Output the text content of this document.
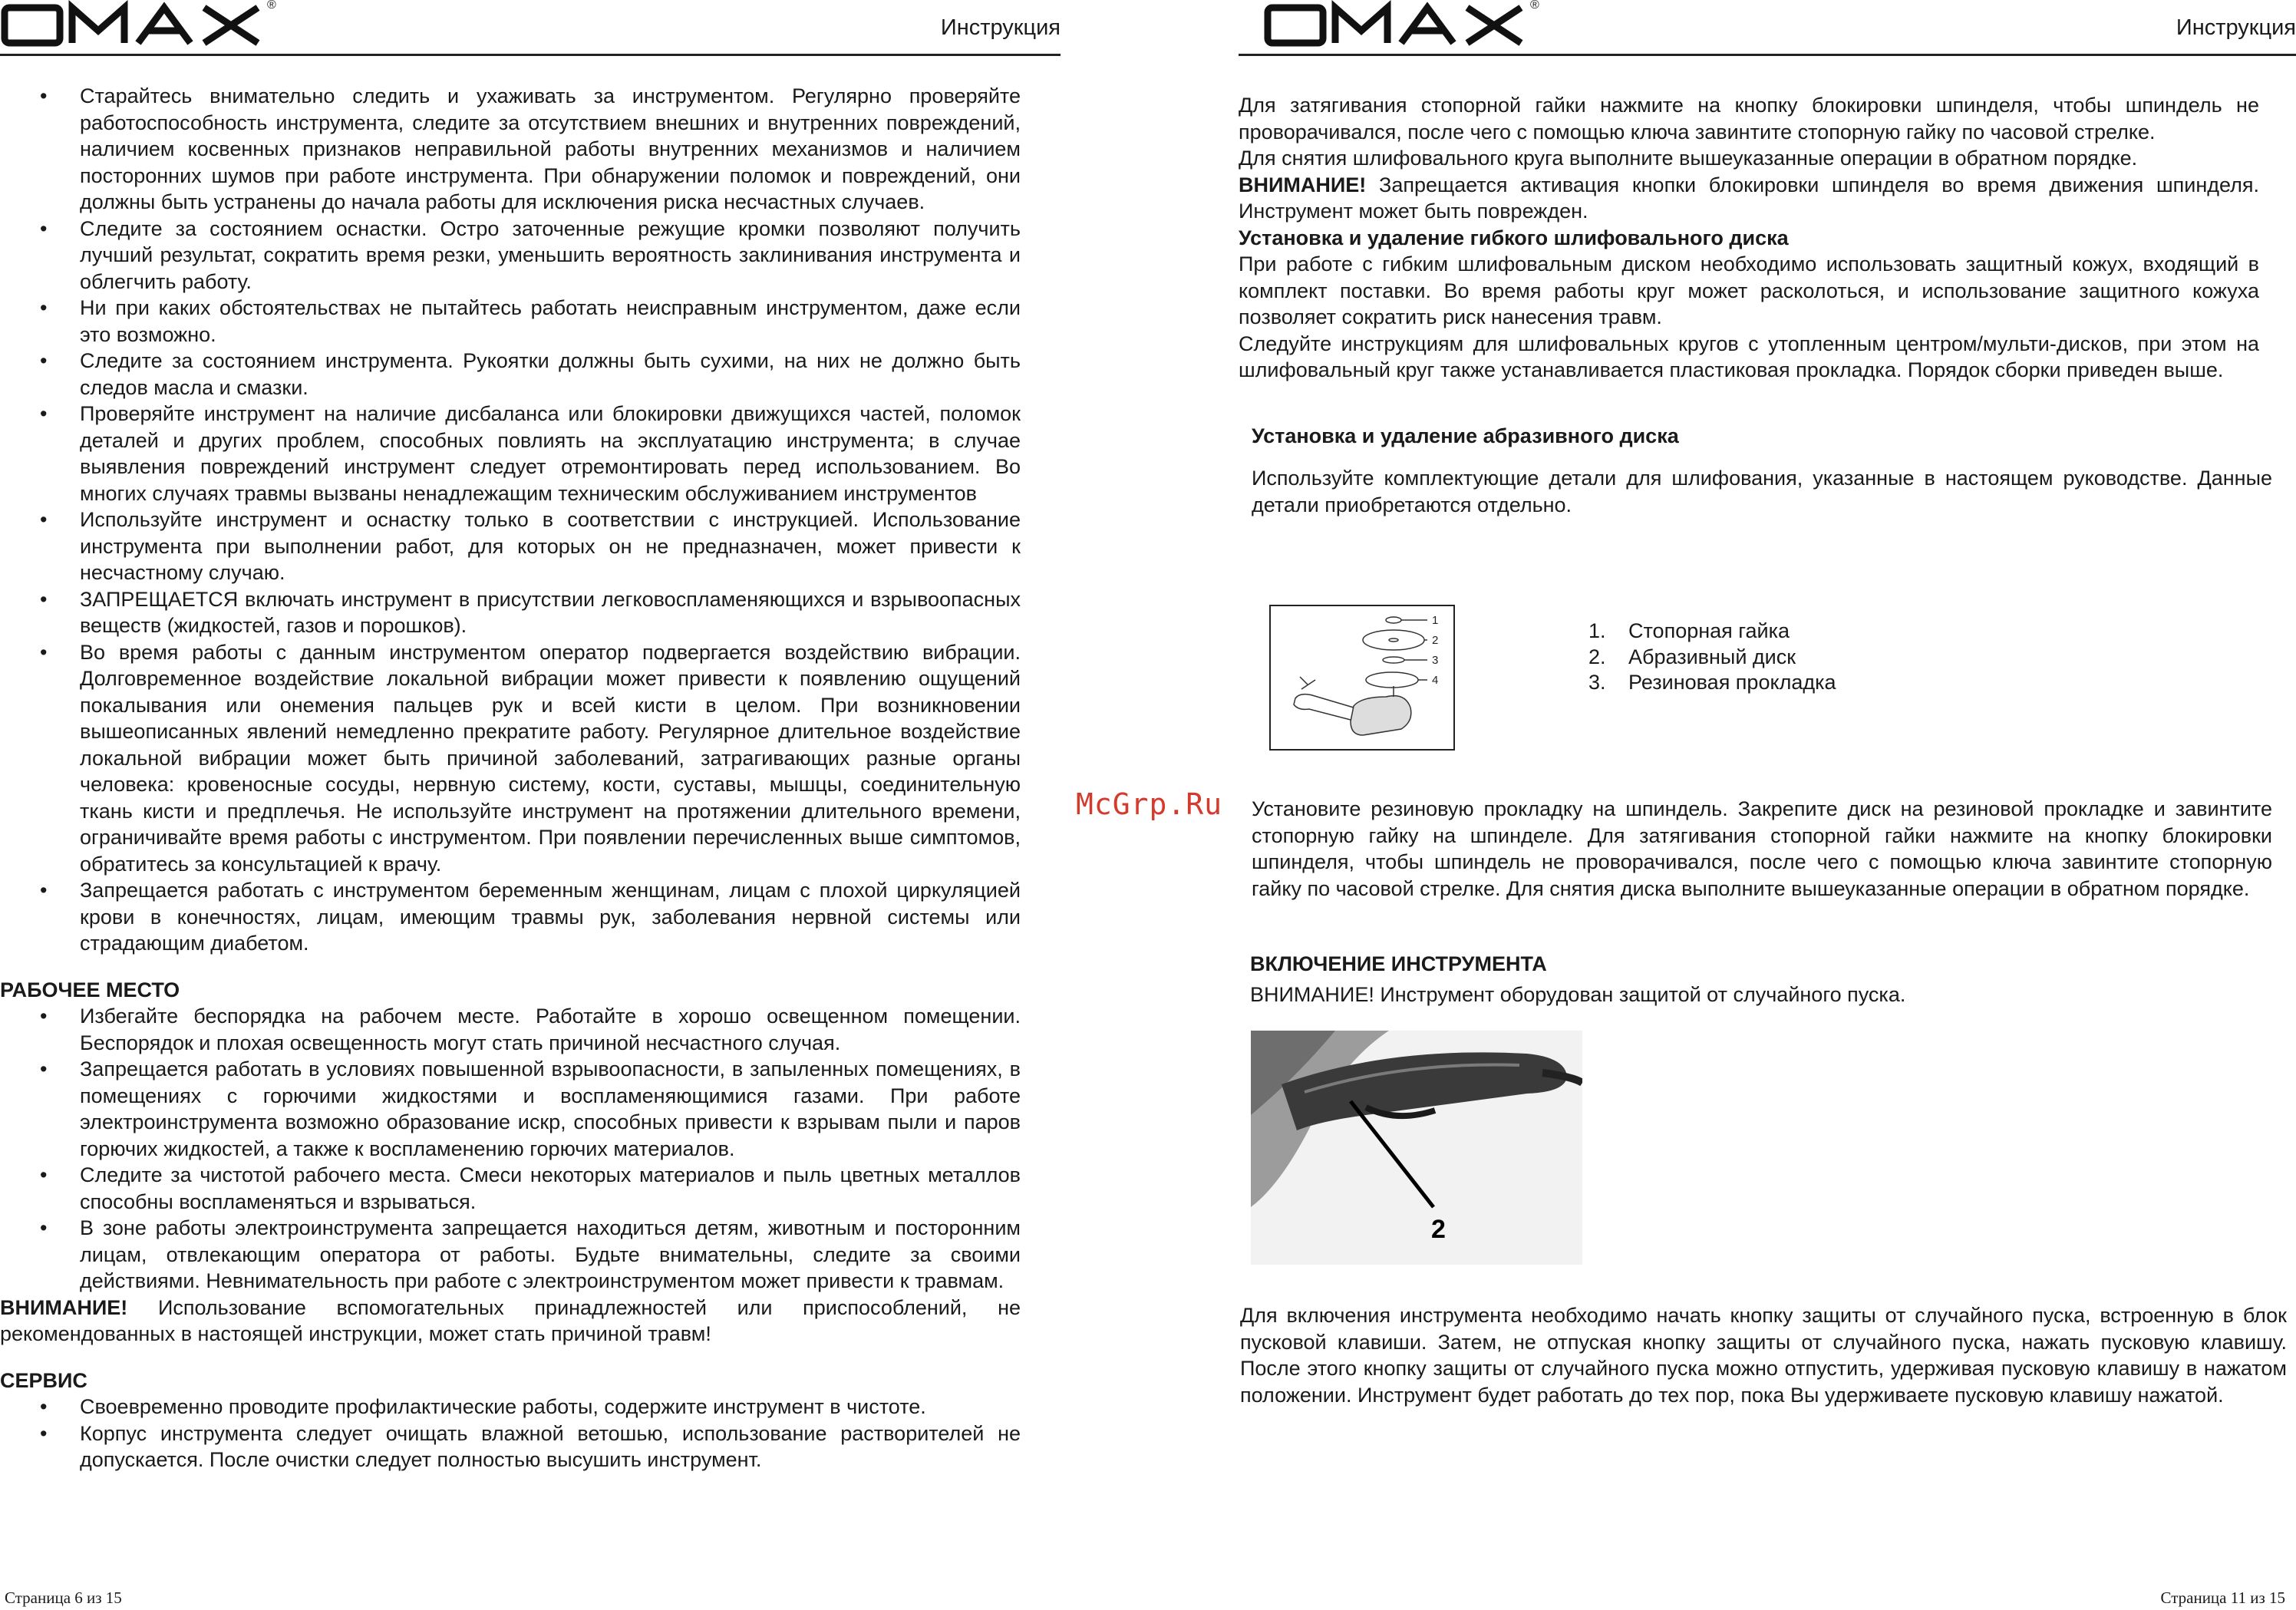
®
Инструкция
• Старайтесь внимательно следить и ухаживать за инструментом. Регулярно проверяйте работоспособность инструмента, следите за отсутствием внешних и внутренних повреждений, наличием косвенных признаков неправильной работы внутренних механизмов и наличием посторонних шумов при работе инструмента. При обнаружении поломок и повреждений, они должны быть устранены до начала работы для исключения риска несчастных случаев.
• Следите за состоянием оснастки. Остро заточенные режущие кромки позволяют получить лучший результат, сократить время резки, уменьшить вероятность заклинивания инструмента и облегчить работу.
• Ни при каких обстоятельствах не пытайтесь работать неисправным инструментом, даже если это возможно.
• Следите за состоянием инструмента. Рукоятки должны быть сухими, на них не должно быть следов масла и смазки.
• Проверяйте инструмент на наличие дисбаланса или блокировки движущихся частей, поломок деталей и других проблем, способных повлиять на эксплуатацию инструмента; в случае выявления повреждений инструмент следует отремонтировать перед использованием. Во многих случаях травмы вызваны ненадлежащим техническим обслуживанием инструментов
• Используйте инструмент и оснастку только в соответствии с инструкцией. Использование инструмента при выполнении работ, для которых он не предназначен, может привести к несчастному случаю.
• ЗАПРЕЩАЕТСЯ включать инструмент в присутствии легковоспламеняющихся и взрывоопасных веществ (жидкостей, газов и порошков).
• Во время работы с данным инструментом оператор подвергается воздействию вибрации. Долговременное воздействие локальной вибрации может привести к появлению ощущений покалывания или онемения пальцев рук и всей кисти в целом. При возникновении вышеописанных явлений немедленно прекратите работу. Регулярное длительное воздействие локальной вибрации может быть причиной заболеваний, затрагивающих разные органы человека: кровеносные сосуды, нервную систему, кости, суставы, мышцы, соединительную ткань кисти и предплечья. Не используйте инструмент на протяжении длительного времени, ограничивайте время работы с инструментом. При появлении перечисленных выше симптомов, обратитесь за консультацией к врачу.
• Запрещается работать с инструментом беременным женщинам, лицам с плохой циркуляцией крови в конечностях, лицам, имеющим травмы рук, заболевания нервной системы или страдающим диабетом.
РАБОЧЕЕ МЕСТО
• Избегайте беспорядка на рабочем месте. Работайте в хорошо освещенном помещении. Беспорядок и плохая освещенность могут стать причиной несчастного случая.
• Запрещается работать в условиях повышенной взрывоопасности, в запыленных помещениях, в помещениях с горючими жидкостями и воспламеняющимися газами. При работе электроинструмента возможно образование искр, способных привести к взрывам пыли и паров горючих жидкостей, а также к воспламенению горючих материалов.
• Следите за чистотой рабочего места. Смеси некоторых материалов и пыль цветных металлов способны воспламеняться и взрываться.
• В зоне работы электроинструмента запрещается находиться детям, животным и посторонним лицам, отвлекающим оператора от работы. Будьте внимательны, следите за своими действиями. Невнимательность при работе с электроинструментом может привести к травмам.

ВНИМАНИЕ! Использование вспомогательных принадлежностей или приспособлений, не рекомендованных в настоящей инструкции, может стать причиной травм!

СЕРВИС
• Своевременно проводите профилактические работы, содержите инструмент в чистоте.
• Корпус инструмента следует очищать влажной ветошью, использование растворителей не допускается. После очистки следует полностью высушить инструмент.
Страница 6 из 15
®
Инструкция

Для затягивания стопорной гайки нажмите на кнопку блокировки шпинделя, чтобы шпиндель не проворачивался, после чего с помощью ключа завинтите стопорную гайку по часовой стрелке.

Для снятия шлифовального круга выполните вышеуказанные операции в обратном порядке.

ВНИМАНИЕ! Запрещается активация кнопки блокировки шпинделя во время движения шпинделя. Инструмент может быть поврежден.

Установка и удаление гибкого шлифовального диска

При работе с гибким шлифовальным диском необходимо использовать защитный кожух, входящий в комплект поставки. Во время работы круг может расколоться, и использование защитного кожуха позволяет сократить риск нанесения травм.

Следуйте инструкциям для шлифовальных кругов с утопленным центром/мульти-дисков, при этом на шлифовальный круг также устанавливается пластиковая прокладка. Порядок сборки приведен выше.

Установка и удаление абразивного диска

Используйте комплектующие детали для шлифования, указанные в настоящем руководстве. Данные детали приобретаются отдельно.

1
2
3
4
1.	Стопорная гайка
2.	Абразивный диск
3.	Резиновая прокладка

Установите резиновую прокладку на шпиндель. Закрепите диск на резиновой прокладке и завинтите стопорную гайку на шпинделе. Для затягивания стопорной гайки нажмите на кнопку блокировки шпинделя, чтобы шпиндель не проворачивался, после чего с помощью ключа завинтите стопорную гайку по часовой стрелке. Для снятия диска выполните вышеуказанные операции в обратном порядке.

ВКЛЮЧЕНИЕ ИНСТРУМЕНТА

ВНИМАНИЕ! Инструмент оборудован защитой от случайного пуска.

Для включения инструмента необходимо начать кнопку защиты от случайного пуска, встроенную в блок пусковой клавиши. Затем, не отпуская кнопку защиты от случайного пуска, нажать пусковую клавишу. После этого кнопку защиты от случайного пуска можно отпустить, удерживая пусковую клавишу в нажатом положении. Инструмент будет работать до тех пор, пока Вы удерживаете пусковую клавишу нажатой.

Страница 11 из 15
2
McGrp.Ru
